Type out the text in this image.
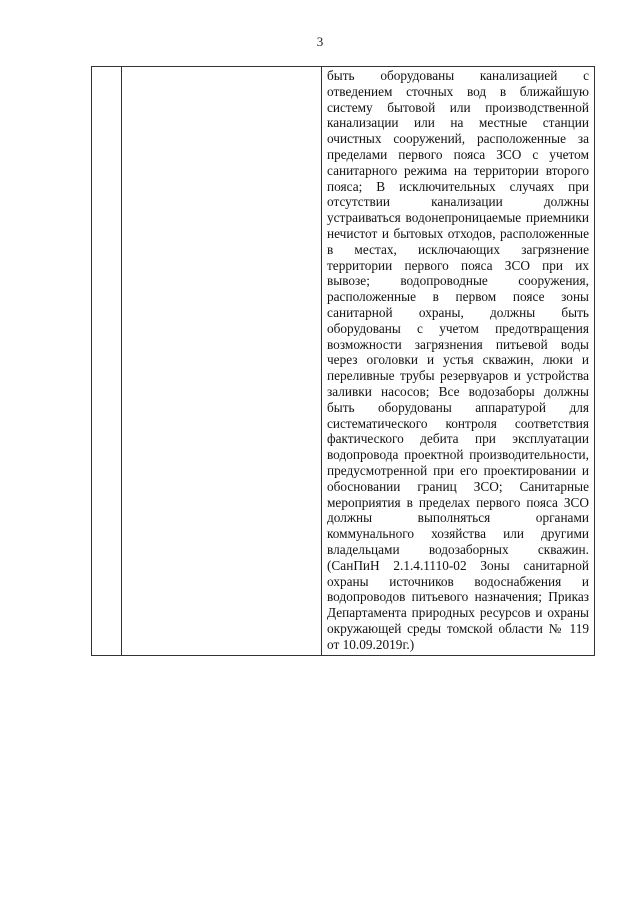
3

быть оборудованы канализацией с отведением сточных вод в ближайшую систему бытовой или производственной канализации или на местные станции очистных сооружений, расположенные за пределами первого пояса ЗСО с учетом санитарного режима на территории второго пояса; В исключительных случаях при отсутствии канализации должны устраиваться водонепроницаемые приемники нечистот и бытовых отходов, расположенные в местах, исключающих загрязнение территории первого пояса ЗСО при их вывозе; водопроводные сооружения, расположенные в первом поясе зоны санитарной охраны, должны быть оборудованы с учетом предотвращения возможности загрязнения питьевой воды через оголовки и устья скважин, люки и переливные трубы резервуаров и устройства заливки насосов; Все водозаборы должны быть оборудованы аппаратурой для систематического контроля соответствия фактического дебита при эксплуатации водопровода проектной производительности, предусмотренной при его проектировании и обосновании границ ЗСО; Санитарные мероприятия в пределах первого пояса ЗСО должны выполняться органами коммунального хозяйства или другими владельцами водозаборных скважин. (СанПиН 2.1.4.1110-02 Зоны санитарной охраны источников водоснабжения и водопроводов питьевого назначения; Приказ Департамента природных ресурсов и охраны окружающей среды томской области № 119 от 10.09.2019г.)
